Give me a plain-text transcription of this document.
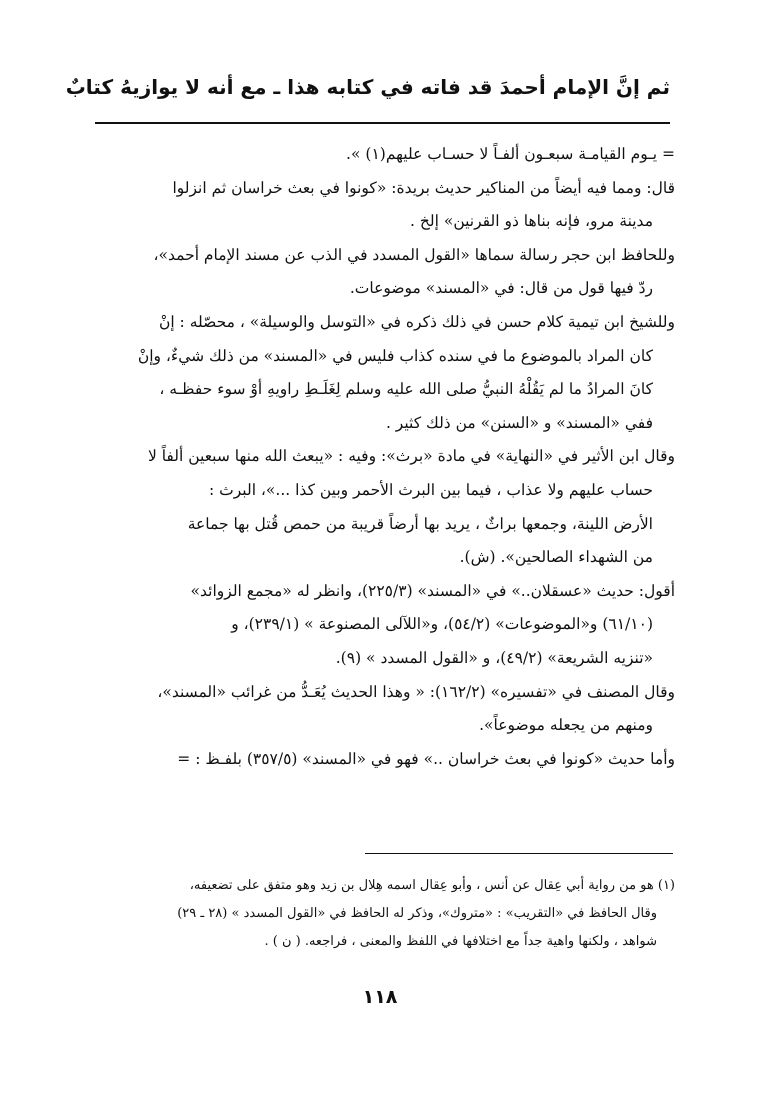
ثم إنَّ الإمام أحمدَ قد فاته في كتابه هذا ـ مع أنه لا يوازيهُ كتابٌ

= يـوم القيامـة سبعـون ألفـاً لا حسـاب عليهم(١) ».

قال: ومما فيه أيضاً من المناكير حديث بريدة: «كونوا في بعث خراسان ثم انزلوا

مدينة مرو، فإنه بناها ذو القرنين» إلخ .

وللحافظ ابن حجر رسالة سماها «القول المسدد في الذب عن مسند الإمام أحمد»،

ردّ فيها قول من قال: في «المسند» موضوعات.

وللشيخ ابن تيمية كلام حسن في ذلك ذكره في «التوسل والوسيلة» ، محصّله : إنْ

كان المراد بالموضوع ما في سنده كذاب فليس في «المسند» من ذلك شيءٌ، وإنْ

كانَ المرادُ ما لم يَقُلْهُ النبيُّ صلى الله عليه وسلم لِغَلَـطِ راويهِ أوْ سوء حفظـه ،

ففي «المسند» و «السنن» من ذلك كثير .

وقال ابن الأثير في «النهاية» في مادة «برث»: وفيه : «يبعث الله منها سبعين ألفاً لا

حساب عليهم ولا عذاب ، فيما بين البرث الأحمر وبين كذا ...»، البرث :

الأرض اللينة، وجمعها براثٌ ، يريد بها أرضاً قريبة من حمص قُتل بها جماعة

من الشهداء الصالحين». (ش).

أقول: حديث «عسقلان..» في «المسند» (٢٢٥/٣)، وانظر له «مجمع الزوائد»

(٦١/١٠) و«الموضوعات» (٥٤/٢)، و«اللآلى المصنوعة » (٢٣٩/١)، و

«تنزيه الشريعة» (٤٩/٢)، و «القول المسدد » (٩).

وقال المصنف في «تفسيره» (١٦٢/٢): « وهذا الحديث يُعَـدُّ من غرائب «المسند»،

ومنهم من يجعله موضوعاً».

وأما حديث «كونوا في بعث خراسان ..» فهو في «المسند» (٣٥٧/٥) بلفـظ : =

(١) هو من رواية أبي عِقال عن أنس ، وأبو عِقال اسمه هِلال بن زيد وهو متفق على تضعيفه،

وقال الحافظ في «التقريب» : «متروك»، وذكر له الحافظ في «القول المسدد » (٢٨ ـ ٢٩)

شواهد ، ولكنها واهية جداً مع اختلافها في اللفظ والمعنى ، فراجعه. ( ن ) .

١١٨
